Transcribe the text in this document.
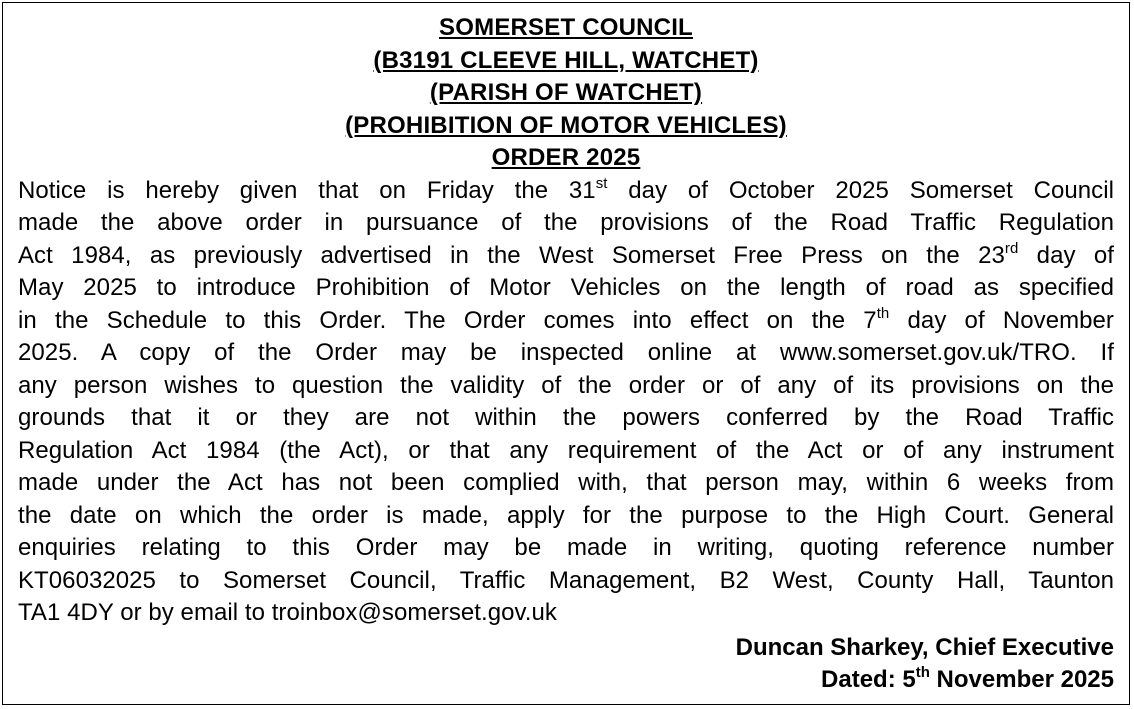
SOMERSET COUNCIL
(B3191 CLEEVE HILL, WATCHET)
(PARISH OF WATCHET)
(PROHIBITION OF MOTOR VEHICLES)
ORDER 2025
Notice is hereby given that on Friday the 31st day of October 2025 Somerset Council
made the above order in pursuance of the provisions of the Road Traffic Regulation
Act 1984, as previously advertised in the West Somerset Free Press on the 23rd day of
May 2025 to introduce Prohibition of Motor Vehicles on the length of road as specified
in the Schedule to this Order. The Order comes into effect on the 7th day of November
2025. A copy of the Order may be inspected online at www.somerset.gov.uk/TRO. If
any person wishes to question the validity of the order or of any of its provisions on the
grounds that it or they are not within the powers conferred by the Road Traffic
Regulation Act 1984 (the Act), or that any requirement of the Act or of any instrument
made under the Act has not been complied with, that person may, within 6 weeks from
the date on which the order is made, apply for the purpose to the High Court. General
enquiries relating to this Order may be made in writing, quoting reference number
KT06032025 to Somerset Council, Traffic Management, B2 West, County Hall, Taunton
TA1 4DY or by email to troinbox@somerset.gov.uk
Duncan Sharkey, Chief Executive
Dated: 5th November 2025
